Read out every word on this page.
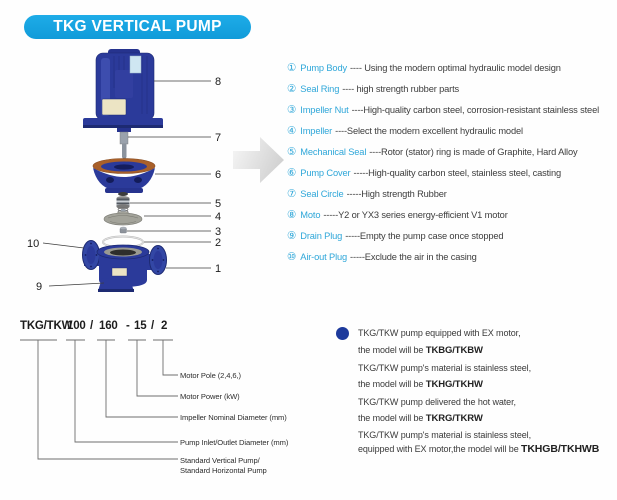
TKG VERTICAL PUMP
8
7
6
5
4
3
2
1
10
9
① Pump Body ---- Using the modern optimal hydraulic model design
② Seal Ring ---- high strength rubber parts
③ Impeller Nut ----High-quality carbon steel, corrosion-resistant stainless steel
④ Impeller ----Select the modern excellent hydraulic model
⑤ Mechanical Seal ----Rotor (stator) ring is made of Graphite, Hard Alloy
⑥ Pump Cover -----High-quality carbon steel, stainless steel, casting
⑦ Seal Circle -----High strength Rubber
⑧ Moto -----Y2 or YX3 series energy-efficient V1 motor
⑨ Drain Plug -----Empty the pump case once stopped
⑩ Air-out Plug -----Exclude the air in the casing
TKG/TKW
100 / 160 - 15 / 2
Motor Pole (2,4,6,)
Motor Power (kW)
Impeller Nominal Diameter (mm)
Pump Inlet/Outlet Diameter (mm)
Standard Vertical Pump/
Standard Horizontal Pump
TKG/TKW pump equipped with EX motor,
the model will be TKBG/TKBW
TKG/TKW pump's material is stainless steel,
the model will be TKHG/TKHW
TKG/TKW pump delivered the hot water,
the model will be TKRG/TKRW
TKG/TKW pump's material is stainless steel,
equipped with EX motor,the model will be TKHGB/TKHWB
